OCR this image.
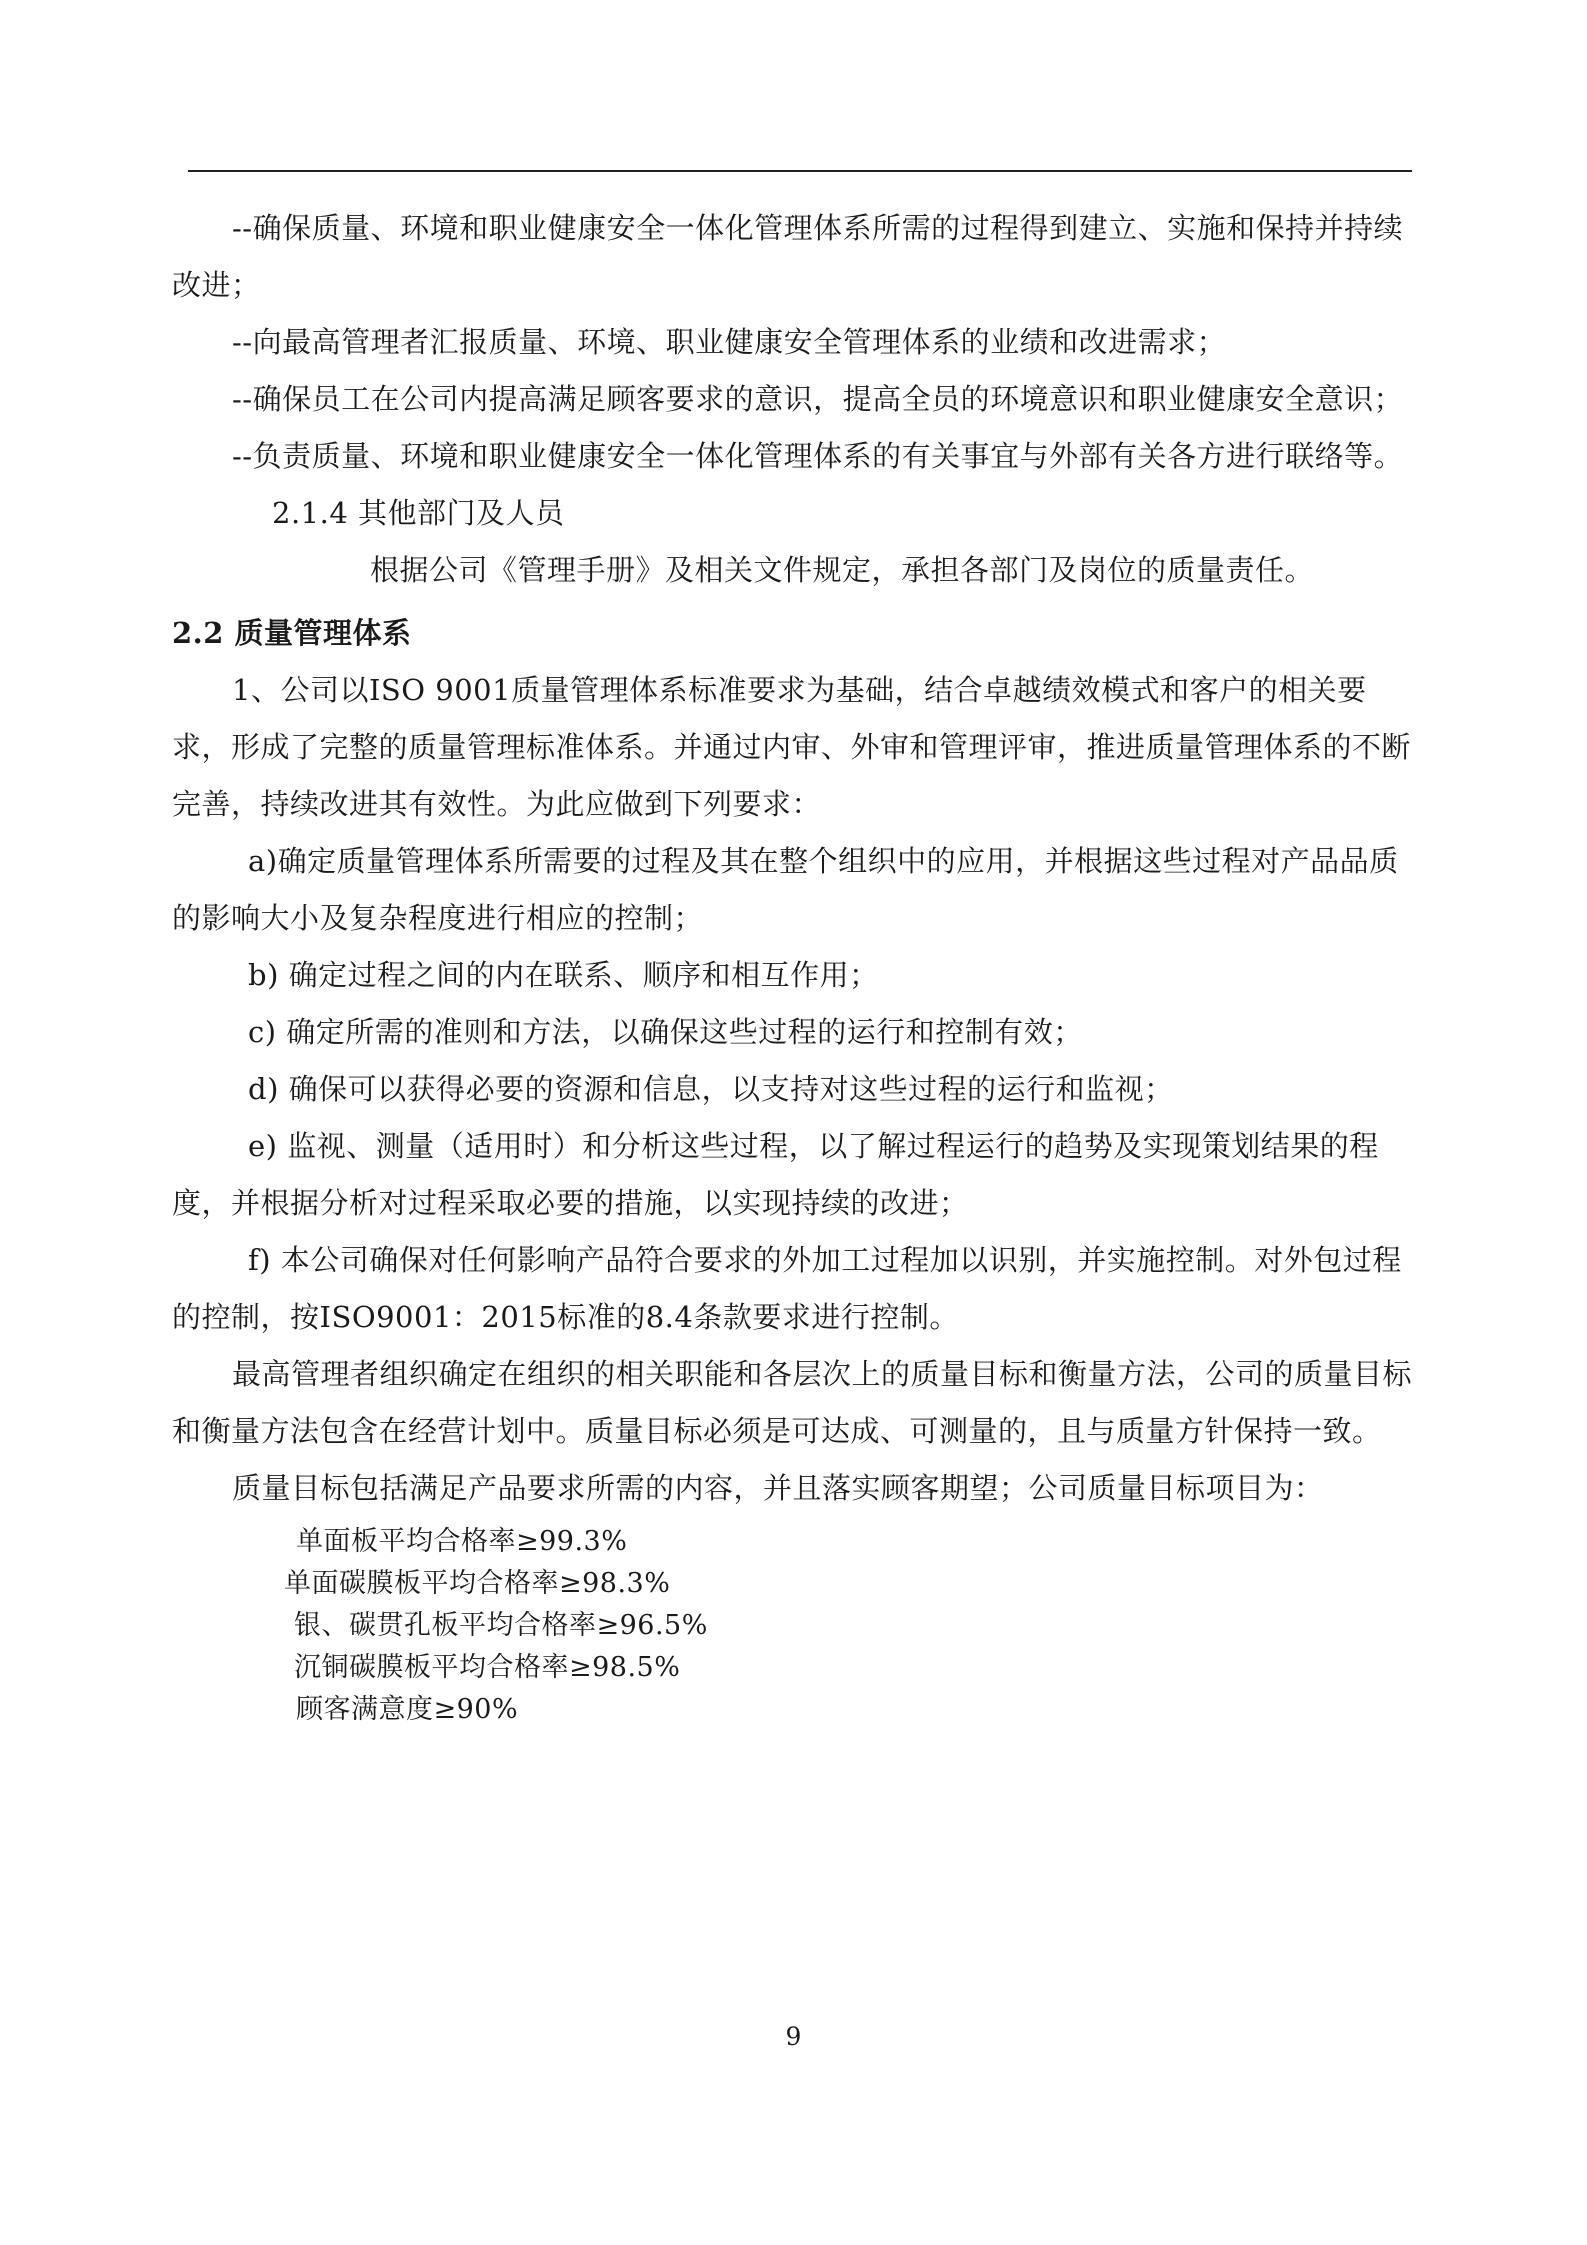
--确保质量、环境和职业健康安全一体化管理体系所需的过程得到建立、实施和保持并持续改进；

--向最高管理者汇报质量、环境、职业健康安全管理体系的业绩和改进需求；

--确保员工在公司内提高满足顾客要求的意识，提高全员的环境意识和职业健康安全意识；

--负责质量、环境和职业健康安全一体化管理体系的有关事宜与外部有关各方进行联络等。

2.1.4 其他部门及人员

根据公司《管理手册》及相关文件规定，承担各部门及岗位的质量责任。

2.2 质量管理体系

1、公司以ISO 9001质量管理体系标准要求为基础，结合卓越绩效模式和客户的相关要求，形成了完整的质量管理标准体系。并通过内审、外审和管理评审，推进质量管理体系的不断完善，持续改进其有效性。为此应做到下列要求：

a)确定质量管理体系所需要的过程及其在整个组织中的应用，并根据这些过程对产品品质的影响大小及复杂程度进行相应的控制；

b) 确定过程之间的内在联系、顺序和相互作用；

c) 确定所需的准则和方法，以确保这些过程的运行和控制有效；

d) 确保可以获得必要的资源和信息，以支持对这些过程的运行和监视；

e) 监视、测量（适用时）和分析这些过程，以了解过程运行的趋势及实现策划结果的程度，并根据分析对过程采取必要的措施，以实现持续的改进；

f) 本公司确保对任何影响产品符合要求的外加工过程加以识别，并实施控制。对外包过程的控制，按ISO9001：2015标准的8.4条款要求进行控制。

最高管理者组织确定在组织的相关职能和各层次上的质量目标和衡量方法，公司的质量目标和衡量方法包含在经营计划中。质量目标必须是可达成、可测量的，且与质量方针保持一致。

质量目标包括满足产品要求所需的内容，并且落实顾客期望；公司质量目标项目为：

单面板平均合格率≥99.3%

单面碳膜板平均合格率≥98.3%

银、碳贯孔板平均合格率≥96.5%

沉铜碳膜板平均合格率≥98.5%

顾客满意度≥90%

9
